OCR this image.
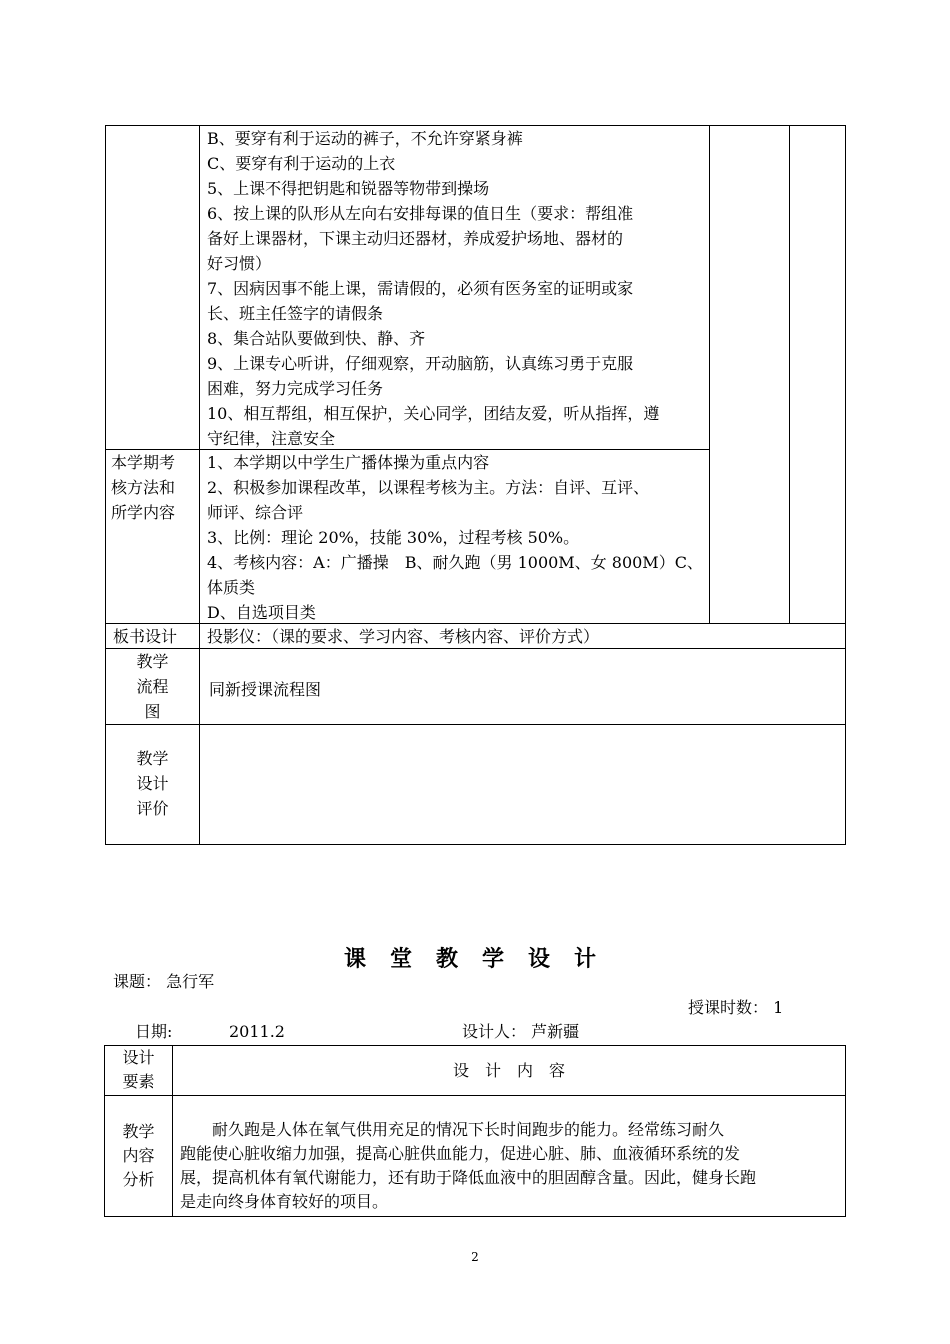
B、要穿有利于运动的裤子，不允许穿紧身裤
C、要穿有利于运动的上衣
5、上课不得把钥匙和锐器等物带到操场
6、按上课的队形从左向右安排每课的值日生（要求：帮组准
备好上课器材，下课主动归还器材，养成爱护场地、器材的
好习惯）
7、因病因事不能上课，需请假的，必须有医务室的证明或家
长、班主任签字的请假条
8、集合站队要做到快、静、齐
9、上课专心听讲，仔细观察，开动脑筋，认真练习勇于克服
困难，努力完成学习任务
10、相互帮组，相互保护，关心同学，团结友爱，听从指挥，遵
守纪律，注意安全
本学期考
核方法和
所学内容
1、本学期以中学生广播体操为重点内容
2、积极参加课程改革，以课程考核为主。方法：自评、互评、
师评、综合评
3、比例：理论 20%，技能 30%，过程考核 50%。
4、考核内容：A：广播操　B、耐久跑（男 1000M、女 800M）C、
体质类
D、自选项目类
板书设计 投影仪：（课的要求、学习内容、考核内容、评价方式）
教学
流程
图
同新授课流程图
教学
设计
评价
课堂教学设计
课题： 急行军
授课时数： 1
日期:	2011.2	设计人： 芦新疆
设计
要素
设　计　内　容
教学
内容
分析
　　耐久跑是人体在氧气供用充足的情况下长时间跑步的能力。经常练习耐久
跑能使心脏收缩力加强，提高心脏供血能力，促进心脏、肺、血液循环系统的发
展，提高机体有氧代谢能力，还有助于降低血液中的胆固醇含量。因此，健身长跑
是走向终身体育较好的项目。
2
